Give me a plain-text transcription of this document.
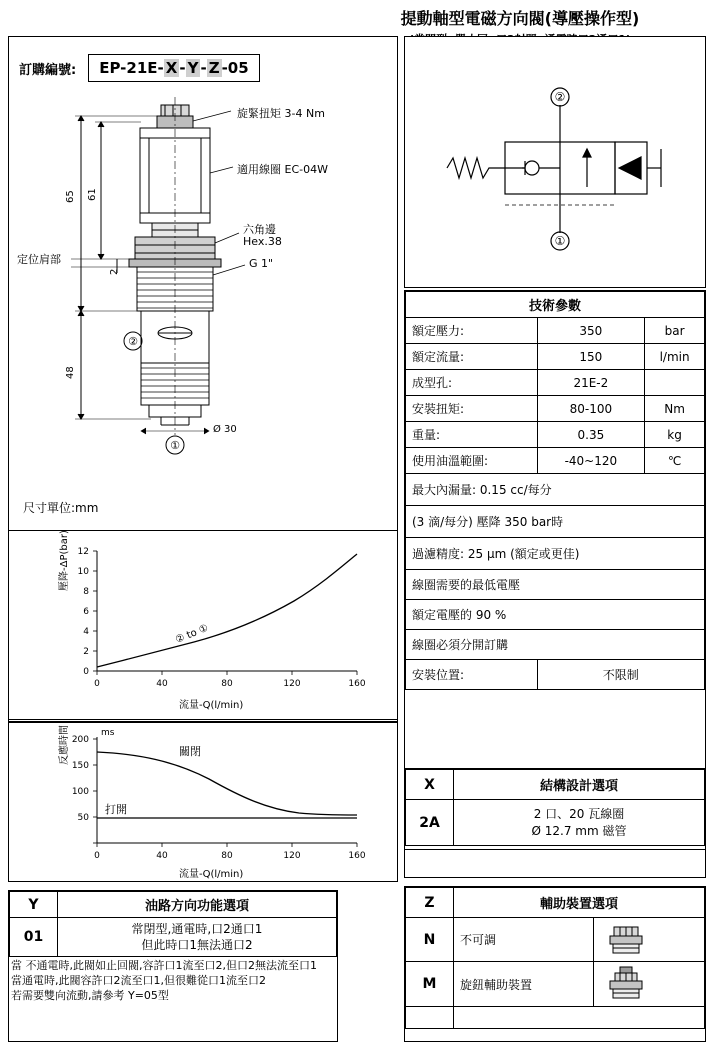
提動軸型電磁方向閥(導壓操作型)
訂購編號:	EP-21E- X - Y - Z -05
②
①
旋緊扭矩 3-4 Nm
適用線圈 EC-04W
六角邊
Hex.38
G 1"
定位肩部
65 61
2
48
Ø 30
尺寸單位:mm
0
2
4
6
8
10
12
0	40	80	120	160
② to ①
壓降-ΔP(bar)
流量-Q(l/min)
50
100
150
200
0	40	80	120	160
ms
關閉
打開
反應時間
流量-Q(l/min)
Y	油路方向功能選項
01	常閉型,通電時,口2通口1
但此時口1無法通口2
當 不通電時,此閥如止回閥,容許口1流至口2,但口2無法流至口1
當通電時,此閥容許口2流至口1,但很難從口1流至口2
若需要雙向流動,請參考 Y=05型
②
①
技術參數		
額定壓力:	350	bar
額定流量:	150	l/min
成型孔:	21E-2	
安裝扭矩:	80-100	Nm
重量:	0.35	kg
使用油溫範圍:	-40~120	℃
最大內漏量: 0.15 cc/每分		
(3 滴/每分) 壓降 350 bar時		
過濾精度: 25 μm (額定或更佳)		
線圈需要的最低電壓		
額定電壓的 90 %		
線圈必須分開訂購		
安裝位置:	不限制	
X	結構設計選項
2A	2 口、20 瓦線圈
Ø 12.7 mm 磁管
Z	輔助裝置選項	
N	不可調	

M	旋鈕輔助裝置	
